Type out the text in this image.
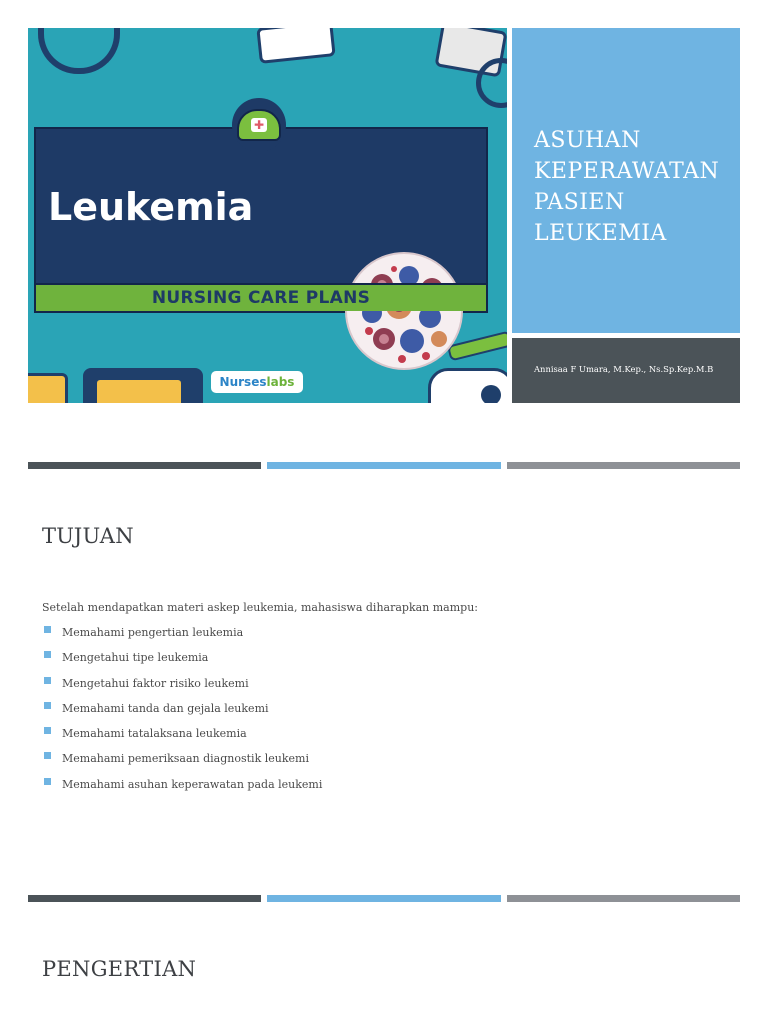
Leukemia
NURSING CARE PLANS
✚
Nurses labs
ASUHAN
KEPERAWATAN
PASIEN
LEUKEMIA
Annisaa F Umara, M.Kep., Ns.Sp.Kep.M.B
TUJUAN
Setelah mendapatkan materi askep leukemia, mahasiswa diharapkan mampu:
Memahami pengertian leukemia
Mengetahui tipe leukemia
Mengetahui faktor risiko leukemi
Memahami tanda dan gejala leukemi
Memahami tatalaksana leukemia
Memahami pemeriksaan diagnostik leukemi
Memahami asuhan keperawatan pada leukemi
PENGERTIAN
